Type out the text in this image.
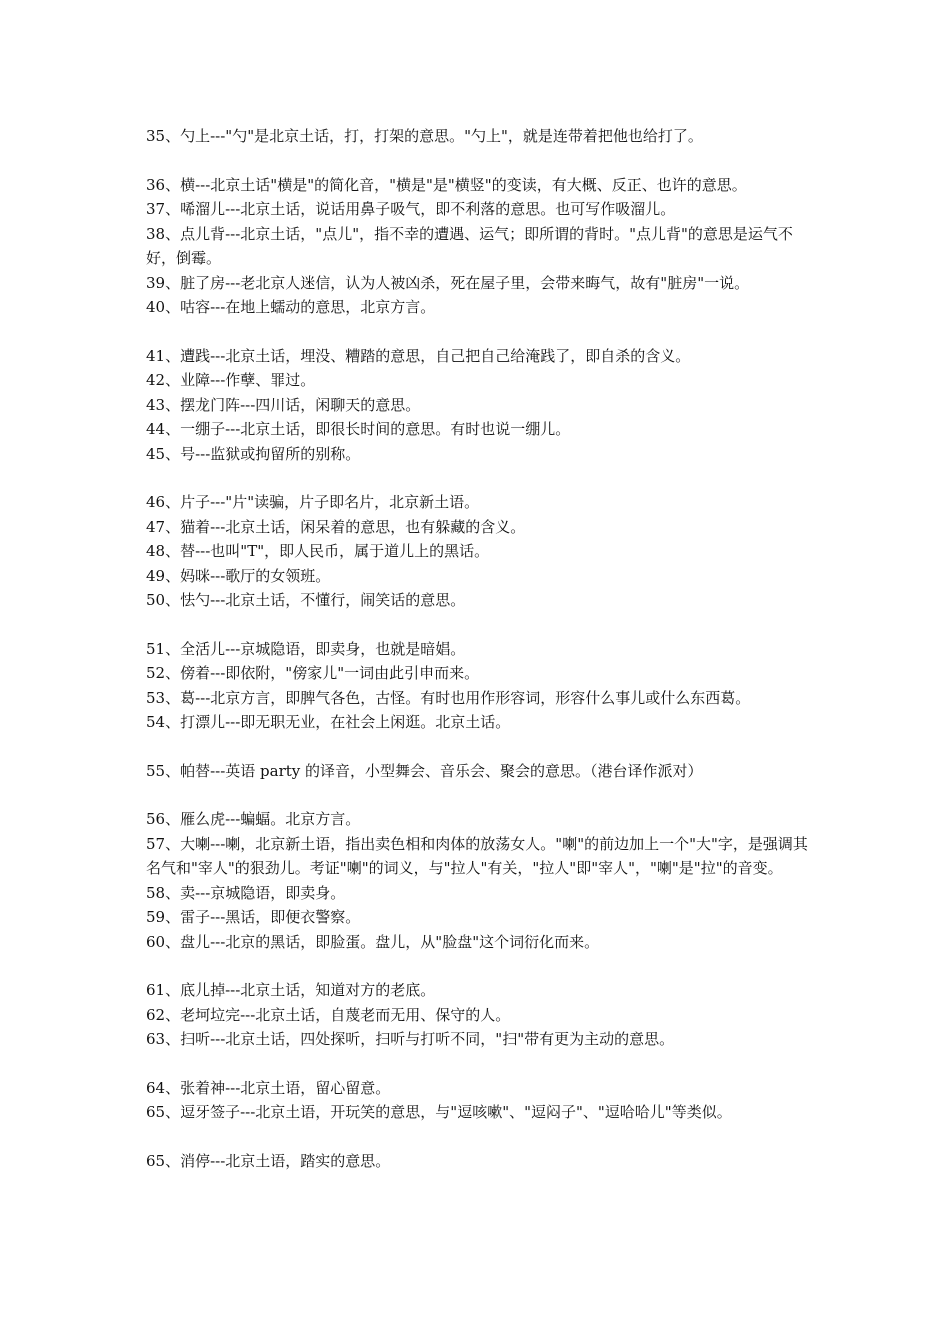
35、勺上---"勺"是北京土话，打，打架的意思。"勺上"，就是连带着把他也给打了。

36、横---北京土话"横是"的简化音，"横是"是"横竖"的变读，有大概、反正、也许的意思。

37、唏溜儿---北京土话，说话用鼻子吸气，即不利落的意思。也可写作吸溜儿。

38、点儿背---北京土话，"点儿"，指不幸的遭遇、运气；即所谓的背时。"点儿背"的意思是运气不好，倒霉。

39、脏了房---老北京人迷信，认为人被凶杀，死在屋子里，会带来晦气，故有"脏房"一说。

40、咕容---在地上蠕动的意思，北京方言。

41、遭践---北京土话，埋没、糟踏的意思，自己把自己给淹践了，即自杀的含义。

42、业障---作孽、罪过。

43、摆龙门阵---四川话，闲聊天的意思。

44、一绷子---北京土话，即很长时间的意思。有时也说一绷儿。

45、号---监狱或拘留所的别称。

46、片子---"片"读骗，片子即名片，北京新土语。

47、猫着---北京土话，闲呆着的意思，也有躲藏的含义。

48、替---也叫"T"，即人民币，属于道儿上的黑话。

49、妈咪---歌厅的女领班。

50、怯勺---北京土话，不懂行，闹笑话的意思。

51、全活儿---京城隐语，即卖身，也就是暗娼。

52、傍着---即依附，"傍家儿"一词由此引申而来。

53、葛---北京方言，即脾气各色，古怪。有时也用作形容词，形容什么事儿或什么东西葛。

54、打漂儿---即无职无业，在社会上闲逛。北京土话。

55、帕替---英语 party 的译音，小型舞会、音乐会、聚会的意思。（港台译作派对）

56、雁么虎---蝙蝠。北京方言。

57、大喇---喇，北京新土语，指出卖色相和肉体的放荡女人。"喇"的前边加上一个"大"字，是强调其名气和"宰人"的狠劲儿。考证"喇"的词义，与"拉人"有关，"拉人"即"宰人"，"喇"是"拉"的音变。

58、卖---京城隐语，即卖身。

59、雷子---黑话，即便衣警察。

60、盘儿---北京的黑话，即脸蛋。盘儿，从"脸盘"这个词衍化而来。

61、底儿掉---北京土话，知道对方的老底。

62、老坷垃完---北京土话，自蔑老而无用、保守的人。

63、扫听---北京土话，四处探听，扫听与打听不同，"扫"带有更为主动的意思。

64、张着神---北京土语，留心留意。

65、逗牙签子---北京土语，开玩笑的意思，与"逗咳嗽"、"逗闷子"、"逗哈哈儿"等类似。

65、消停---北京土语，踏实的意思。
